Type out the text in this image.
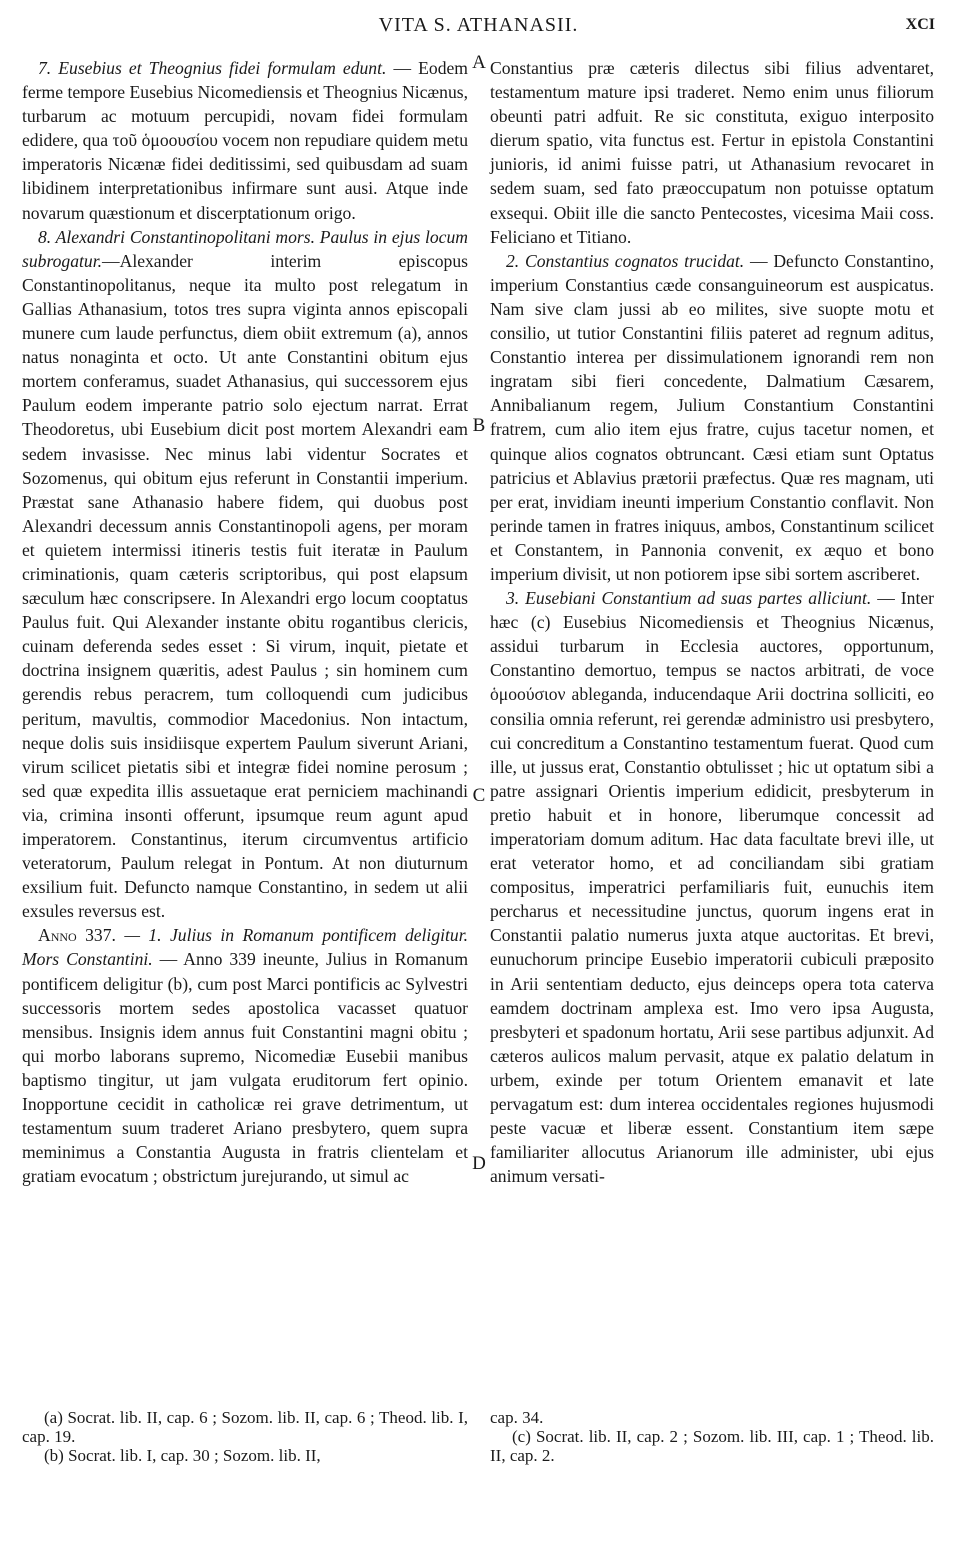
VITA S. ATHANASII.	XCI

7. Eusebius et Theognius fidei formulam edunt. — Eodem ferme tempore Eusebius Nicomediensis et Theognius Nicænus, turbarum ac motuum percupidi, novam fidei formulam edidere, qua τοῦ ὁμοουσίου vocem non repudiare quidem metu imperatoris Nicænæ fidei deditissimi, sed quibusdam ad suam libidinem interpretationibus infirmare sunt ausi. Atque inde novarum quæstionum et discerptationum origo.

8. Alexandri Constantinopolitani mors. Paulus in ejus locum subrogatur.—Alexander interim episcopus Constantinopolitanus, neque ita multo post relegatum in Gallias Athanasium, totos tres supra viginta annos episcopali munere cum laude perfunctus, diem obiit extremum (a), annos natus nonaginta et octo. Ut ante Constantini obitum ejus mortem conferamus, suadet Athanasius, qui successorem ejus Paulum eodem imperante patrio solo ejectum narrat. Errat Theodoretus, ubi Eusebium dicit post mortem Alexandri eam sedem invasisse. Nec minus labi videntur Socrates et Sozomenus, qui obitum ejus referunt in Constantii imperium. Præstat sane Athanasio habere fidem, qui duobus post Alexandri decessum annis Constantinopoli agens, per moram et quietem intermissi itineris testis fuit iteratæ in Paulum criminationis, quam cæteris scriptoribus, qui post elapsum sæculum hæc conscripsere. In Alexandri ergo locum cooptatus Paulus fuit. Qui Alexander instante obitu rogantibus clericis, cuinam deferenda sedes esset : Si virum, inquit, pietate et doctrina insignem quæritis, adest Paulus ; sin hominem cum gerendis rebus peracrem, tum colloquendi cum judicibus peritum, mavultis, commodior Macedonius. Non intactum, neque dolis suis insidiisque expertem Paulum siverunt Ariani, virum scilicet pietatis sibi et integræ fidei nomine perosum ; sed quæ expedita illis assuetaque erat perniciem machinandi via, crimina insonti offerunt, ipsumque reum agunt apud imperatorem. Constantinus, iterum circumventus artificio veteratorum, Paulum relegat in Pontum. At non diuturnum exsilium fuit. Defuncto namque Constantino, in sedem ut alii exsules reversus est.

Anno 337. — 1. Julius in Romanum pontificem deligitur. Mors Constantini. — Anno 339 ineunte, Julius in Romanum pontificem deligitur (b), cum post Marci pontificis ac Sylvestri successoris mortem sedes apostolica vacasset quatuor mensibus. Insignis idem annus fuit Constantini magni obitu ; qui morbo laborans supremo, Nicomediæ Eusebii manibus baptismo tingitur, ut jam vulgata eruditorum fert opinio. Inopportune cecidit in catholicæ rei grave detrimentum, ut testamentum suum traderet Ariano presbytero, quem supra meminimus a Constantia Augusta in fratris clientelam et gratiam evocatum ; obstrictum jurejurando, ut simul ac

A
B
C
D

Constantius præ cæteris dilectus sibi filius adventaret, testamentum mature ipsi traderet. Nemo enim unus filiorum obeunti patri adfuit. Re sic constituta, exiguo interposito dierum spatio, vita functus est. Fertur in epistola Constantini junioris, id animi fuisse patri, ut Athanasium revocaret in sedem suam, sed fato præoccupatum non potuisse optatum exsequi. Obiit ille die sancto Pentecostes, vicesima Maii coss. Feliciano et Titiano.

2. Constantius cognatos trucidat. — Defuncto Constantino, imperium Constantius cæde consanguineorum est auspicatus. Nam sive clam jussi ab eo milites, sive suopte motu et consilio, ut tutior Constantini filiis pateret ad regnum aditus, Constantio interea per dissimulationem ignorandi rem non ingratam sibi fieri concedente, Dalmatium Cæsarem, Annibalianum regem, Julium Constantium Constantini fratrem, cum alio item ejus fratre, cujus tacetur nomen, et quinque alios cognatos obtruncant. Cæsi etiam sunt Optatus patricius et Ablavius prætorii præfectus. Quæ res magnam, uti per erat, invidiam ineunti imperium Constantio conflavit. Non perinde tamen in fratres iniquus, ambos, Constantinum scilicet et Constantem, in Pannonia convenit, ex æquo et bono imperium divisit, ut non potiorem ipse sibi sortem ascriberet.

3. Eusebiani Constantium ad suas partes alliciunt. — Inter hæc (c) Eusebius Nicomediensis et Theognius Nicænus, assidui turbarum in Ecclesia auctores, opportunum, Constantino demortuo, tempus se nactos arbitrati, de voce ὁμοούσιον ableganda, inducendaque Arii doctrina solliciti, eo consilia omnia referunt, rei gerendæ administro usi presbytero, cui concreditum a Constantino testamentum fuerat. Quod cum ille, ut jussus erat, Constantio obtulisset ; hic ut optatum sibi a patre assignari Orientis imperium edidicit, presbyterum in pretio habuit et in honore, liberumque concessit ad imperatoriam domum aditum. Hac data facultate brevi ille, ut erat veterator homo, et ad conciliandam sibi gratiam compositus, imperatrici perfamiliaris fuit, eunuchis item percharus et necessitudine junctus, quorum ingens erat in Constantii palatio numerus juxta atque auctoritas. Et brevi, eunuchorum principe Eusebio imperatorii cubiculi præposito in Arii sententiam deducto, ejus deinceps opera tota caterva eamdem doctrinam amplexa est. Imo vero ipsa Augusta, presbyteri et spadonum hortatu, Arii sese partibus adjunxit. Ad cæteros aulicos malum pervasit, atque ex palatio delatum in urbem, exinde per totum Orientem emanavit et late pervagatum est: dum interea occidentales regiones hujusmodi peste vacuæ et liberæ essent. Constantium item sæpe familiariter allocutus Arianorum ille administer, ubi ejus animum versati-

(a) Socrat. lib. II, cap. 6 ; Sozom. lib. II, cap. 6 ; Theod. lib. I, cap. 19.

(b) Socrat. lib. I, cap. 30 ; Sozom. lib. II,

cap. 34.

(c) Socrat. lib. II, cap. 2 ; Sozom. lib. III, cap. 1 ; Theod. lib. II, cap. 2.
